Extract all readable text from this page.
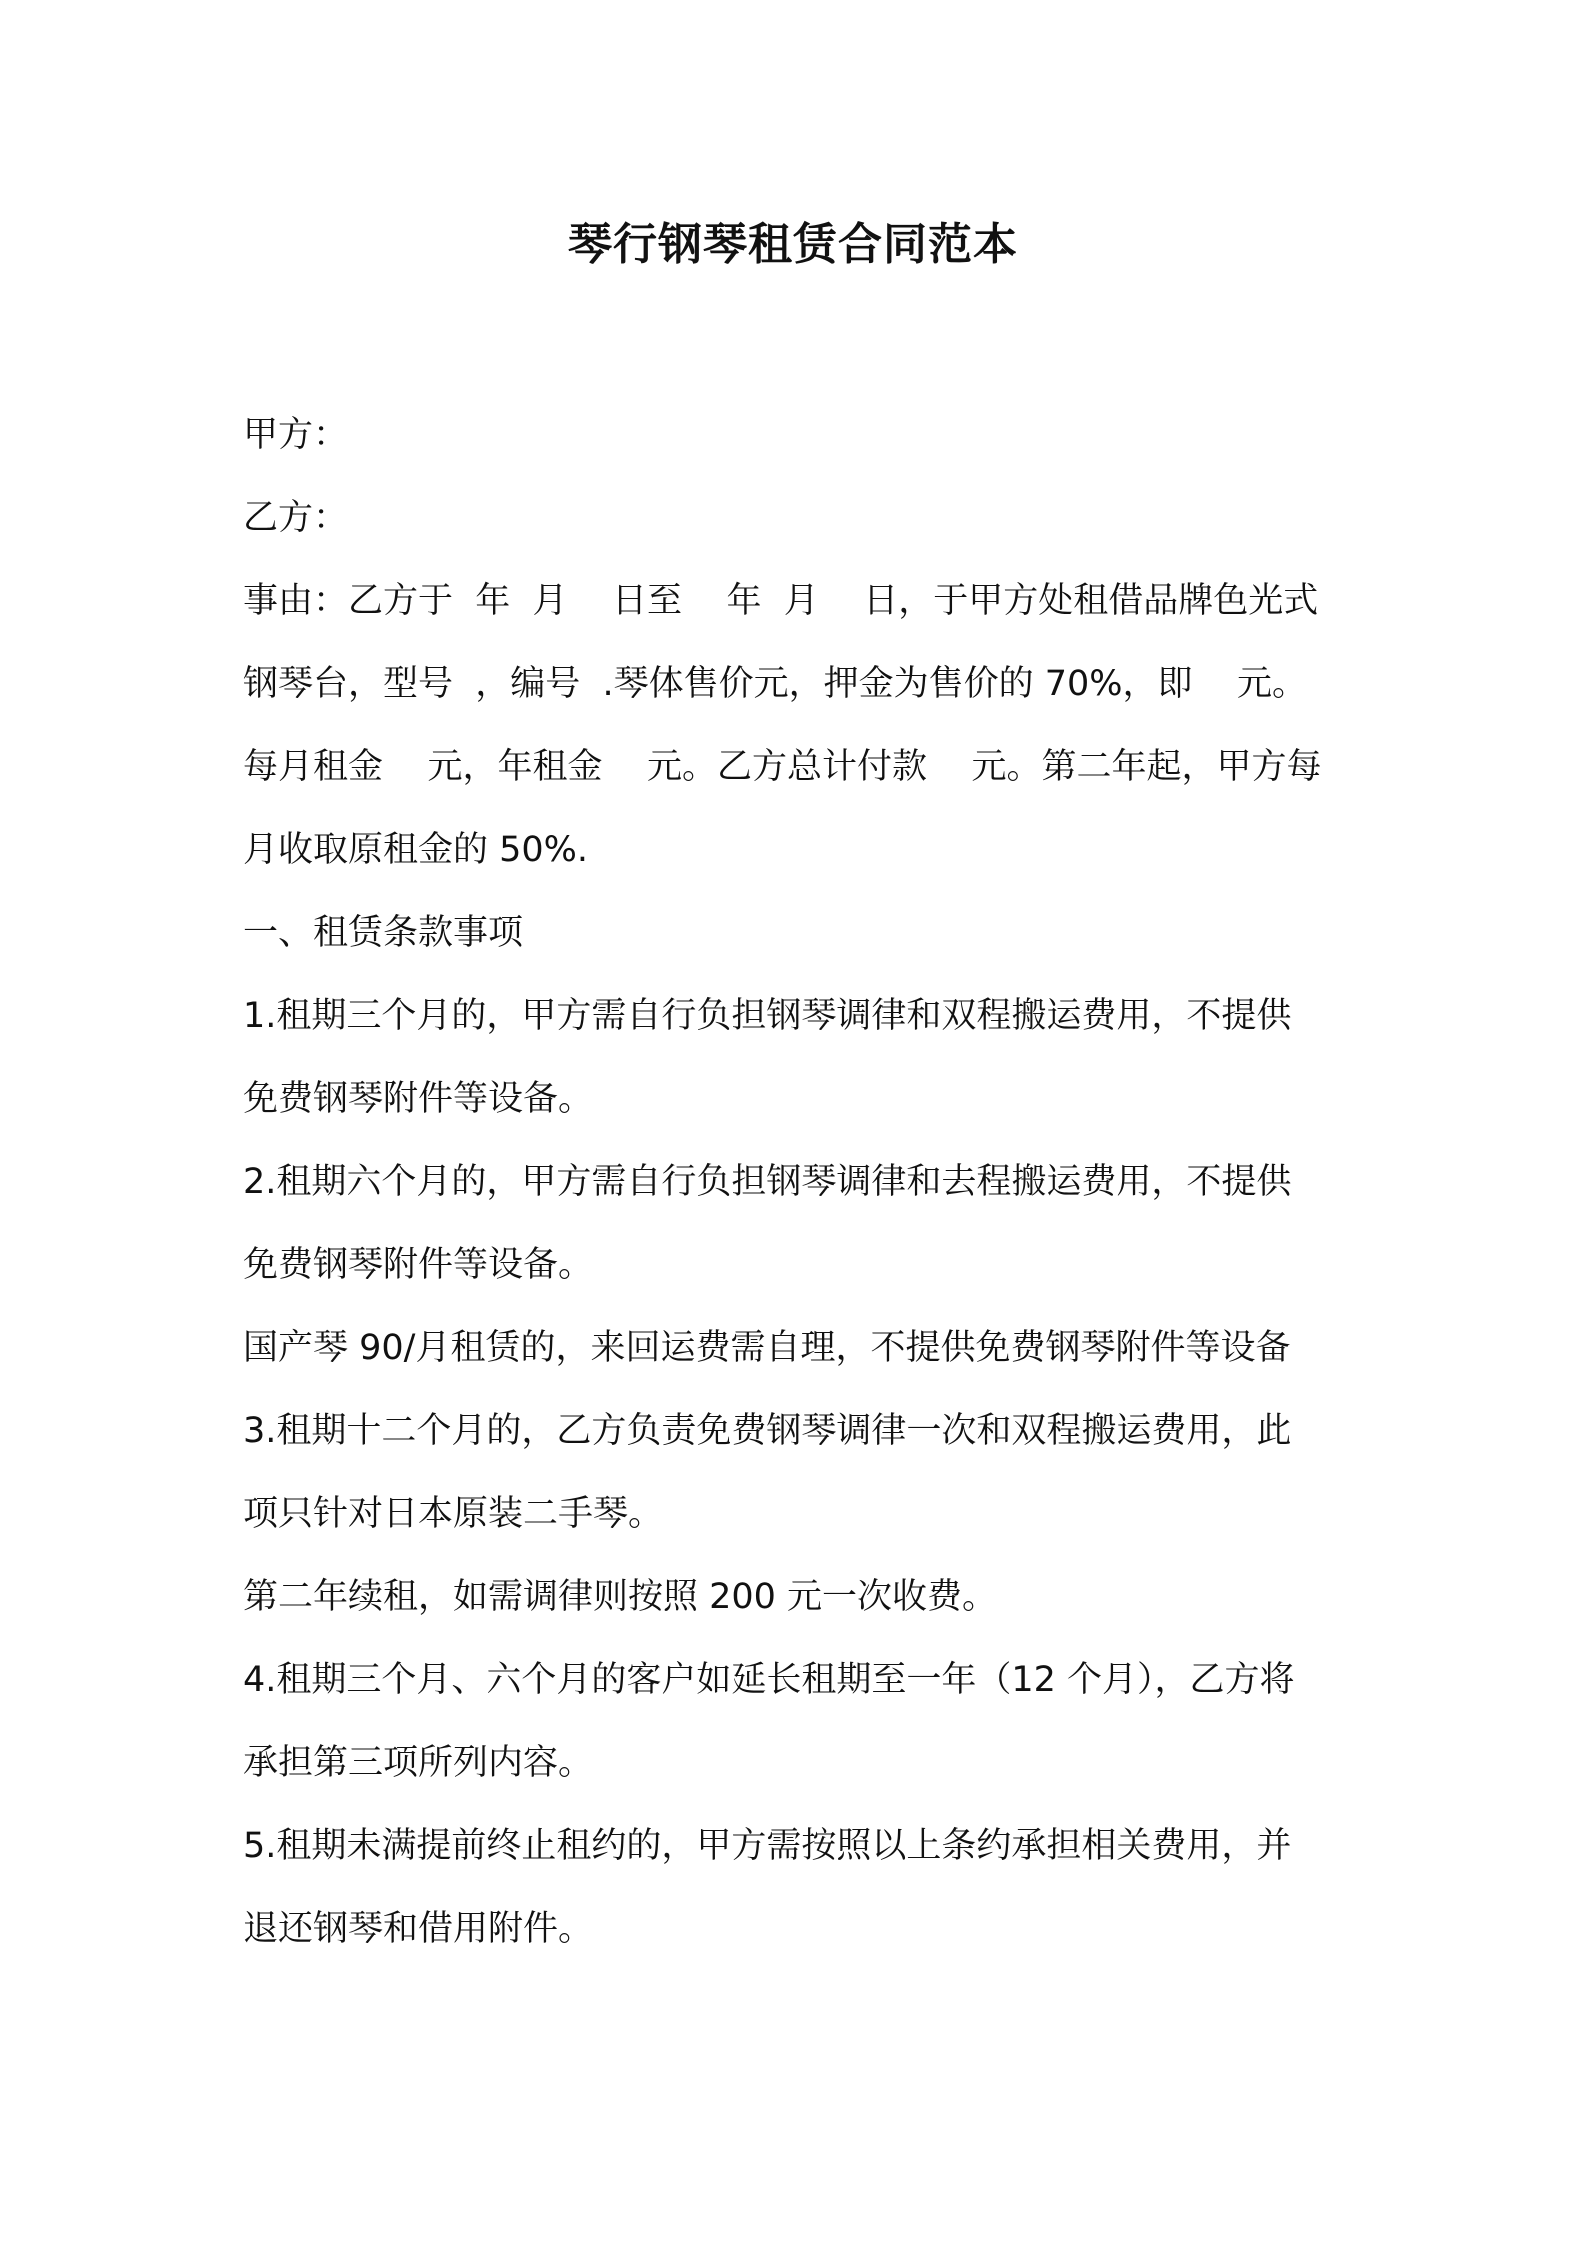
琴行钢琴租赁合同范本
甲方：
乙方：
事由：乙方于  年  月    日至    年  月    日，于甲方处租借品牌色光式
钢琴台，型号  ，编号  .琴体售价元，押金为售价的 70%，即    元。
每月租金    元，年租金    元。乙方总计付款    元。第二年起，甲方每
月收取原租金的 50%.
一、租赁条款事项
1.租期三个月的，甲方需自行负担钢琴调律和双程搬运费用，不提供
免费钢琴附件等设备。
2.租期六个月的，甲方需自行负担钢琴调律和去程搬运费用，不提供
免费钢琴附件等设备。
国产琴 90/月租赁的，来回运费需自理，不提供免费钢琴附件等设备
3.租期十二个月的，乙方负责免费钢琴调律一次和双程搬运费用，此
项只针对日本原装二手琴。
第二年续租，如需调律则按照 200 元一次收费。
4.租期三个月、六个月的客户如延长租期至一年（12 个月），乙方将
承担第三项所列内容。
5.租期未满提前终止租约的，甲方需按照以上条约承担相关费用，并
退还钢琴和借用附件。
